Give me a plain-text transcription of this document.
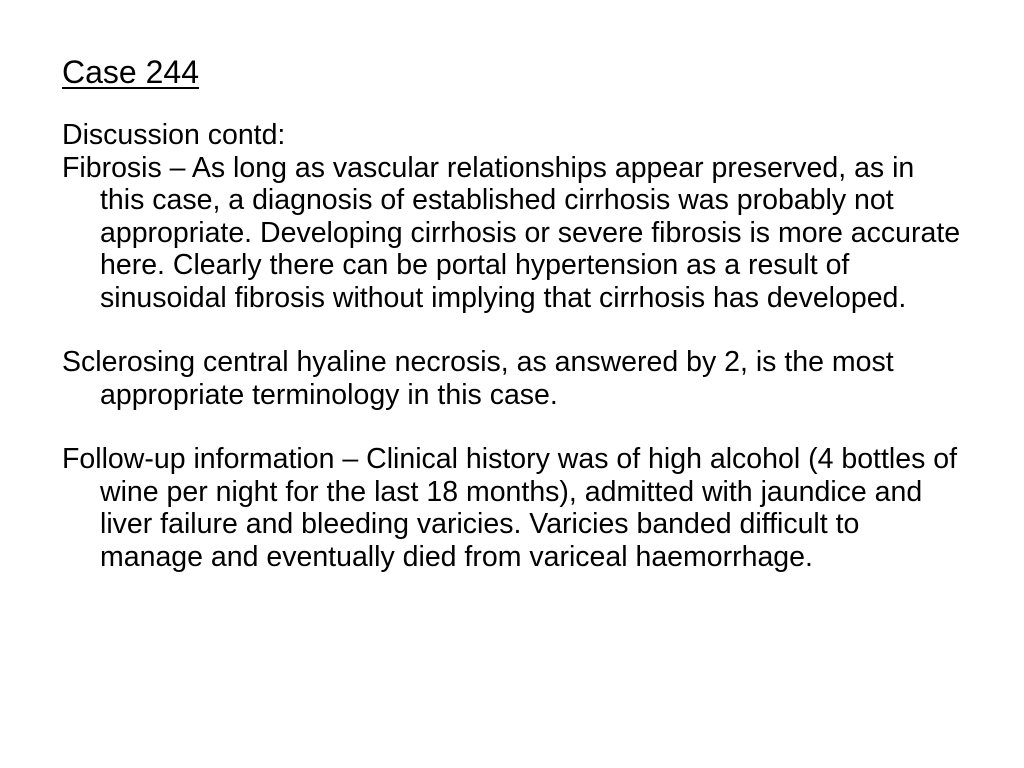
Case 244

Discussion contd:

Fibrosis – As long as vascular relationships appear preserved, as in this case, a diagnosis of established cirrhosis was probably not appropriate. Developing cirrhosis or severe fibrosis is more accurate here. Clearly there can be portal hypertension as a result of sinusoidal fibrosis without implying that cirrhosis has developed.

Sclerosing central hyaline necrosis, as answered by 2, is the most appropriate terminology in this case.

Follow-up information – Clinical history was of high alcohol (4 bottles of wine per night for the last 18 months), admitted with jaundice and liver failure and bleeding varicies. Varicies banded difficult to manage and eventually died from variceal haemorrhage.
